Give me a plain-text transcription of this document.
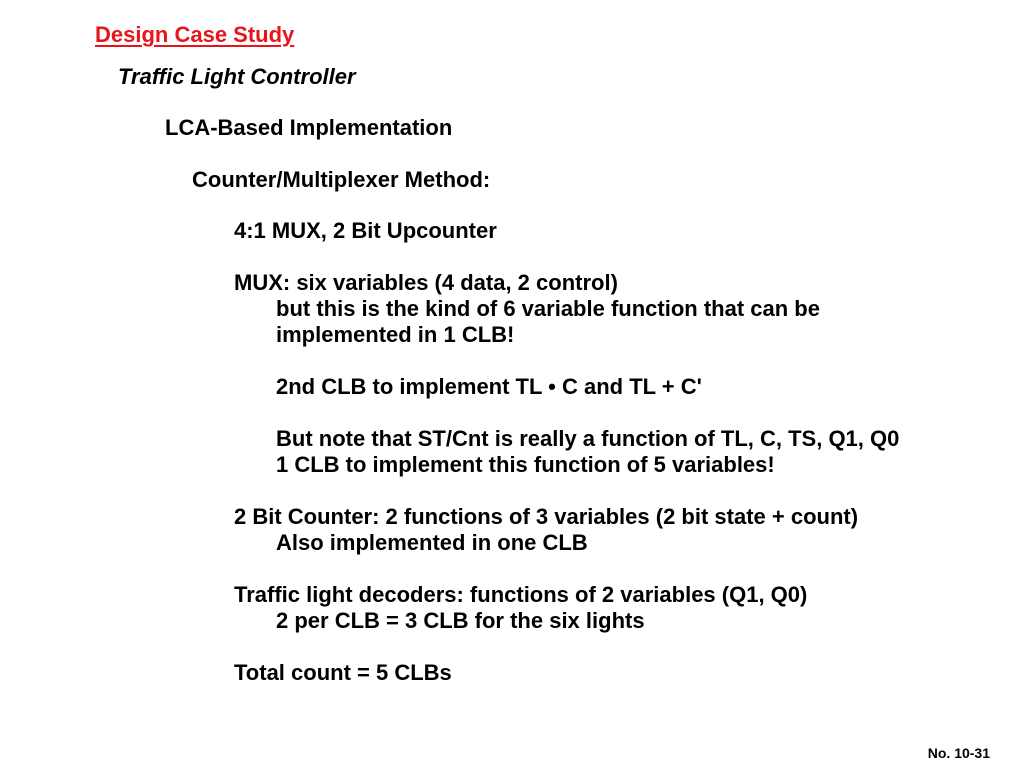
Design Case Study
Traffic Light Controller
LCA-Based Implementation
Counter/Multiplexer Method:
4:1 MUX, 2 Bit Upcounter
MUX: six variables (4 data, 2 control)
but this is the kind of 6 variable function that can be
implemented in 1 CLB!
2nd CLB to implement TL • C and TL + C'
But note that ST/Cnt is really a function of TL, C, TS, Q1, Q0
1 CLB to implement this function of 5 variables!
2 Bit Counter: 2 functions of 3 variables (2 bit state + count)
Also implemented in one CLB
Traffic light decoders: functions of 2 variables (Q1, Q0)
2 per CLB = 3 CLB for the six lights
Total count = 5 CLBs
No. 10-31
